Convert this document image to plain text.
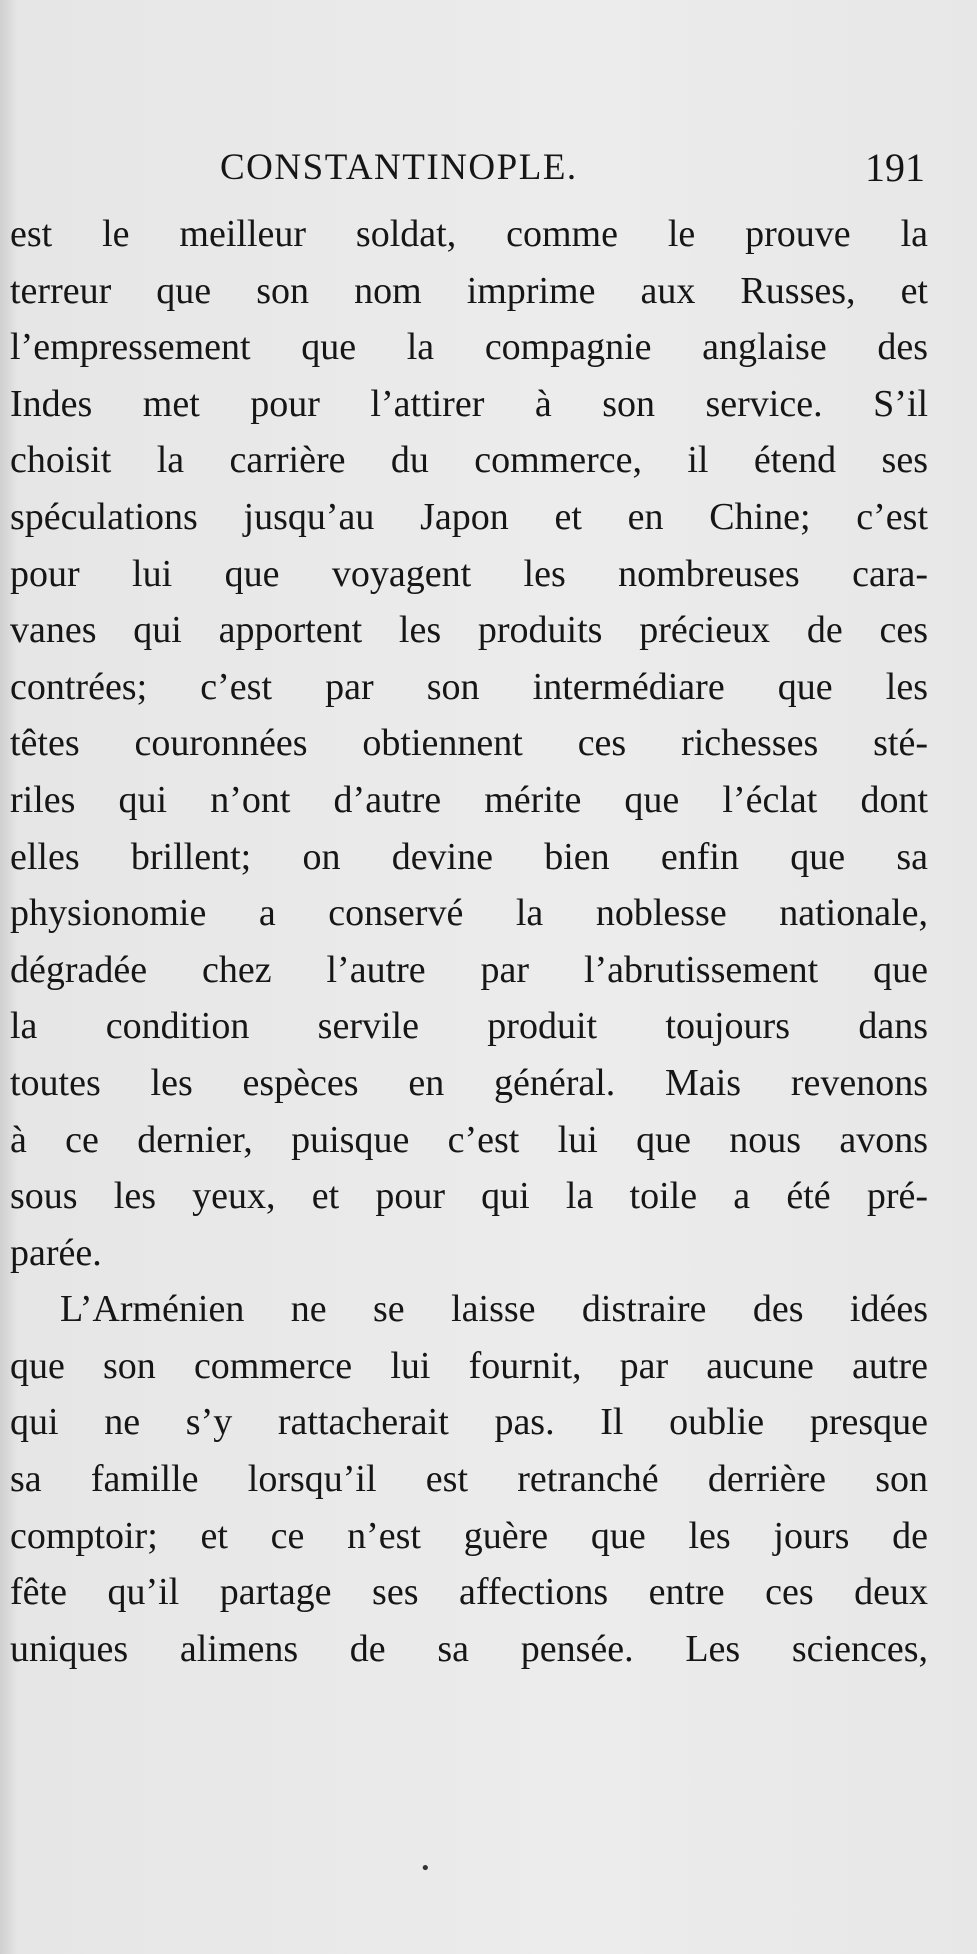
CONSTANTINOPLE.	191
est le meilleur soldat, comme le prouve la
terreur que son nom imprime aux Russes, et
l’empressement que la compagnie anglaise des
Indes met pour l’attirer à son service. S’il
choisit la carrière du commerce, il étend ses
spéculations jusqu’au Japon et en Chine; c’est
pour lui que voyagent les nombreuses cara-
vanes qui apportent les produits précieux de ces
contrées; c’est par son intermédiare que les
têtes couronnées obtiennent ces richesses sté-
riles qui n’ont d’autre mérite que l’éclat dont
elles brillent; on devine bien enfin que sa
physionomie a conservé la noblesse nationale,
dégradée chez l’autre par l’abrutissement que
la condition servile produit toujours dans
toutes les espèces en général. Mais revenons
à ce dernier, puisque c’est lui que nous avons
sous les yeux, et pour qui la toile a été pré-
parée.
L’Arménien ne se laisse distraire des idées
que son commerce lui fournit, par aucune autre
qui ne s’y rattacherait pas. Il oublie presque
sa famille lorsqu’il est retranché derrière son
comptoir; et ce n’est guère que les jours de
fête qu’il partage ses affections entre ces deux
uniques alimens de sa pensée. Les sciences,
•
